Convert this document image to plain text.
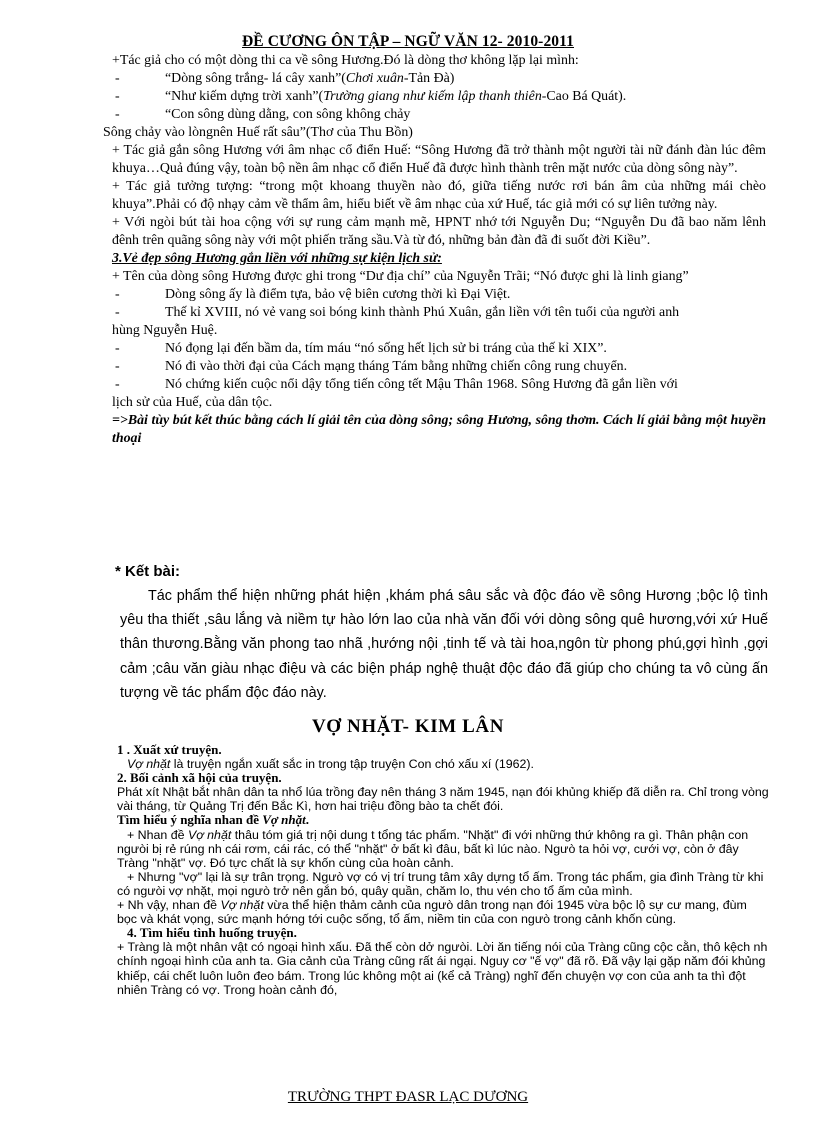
ĐỀ CƯƠNG ÔN TẬP – NGỮ VĂN 12- 2010-2011

+Tác giả cho có một dòng thi ca về sông Hương.Đó là dòng thơ không lặp lại mình:

-	“Dòng sông trắng- lá cây xanh”(Chơi xuân-Tản Đà)

-	“Như kiếm dựng trời xanh”(Trường giang như kiếm lập thanh thiên-Cao Bá Quát).

-	“Con sông dùng dằng, con sông không chảy

Sông chảy vào lòngnên Huế rất sâu”(Thơ của Thu Bồn)

+ Tác giả gắn sông Hương với âm nhạc cổ điển Huế: “Sông Hương đã trở thành một người tài nữ đánh đàn lúc đêm khuya…Quả đúng vậy, toàn bộ nền âm nhạc cổ điển Huế đã được hình thành trên mặt nước của dòng sông này”.

+ Tác giả tưởng tượng: “trong một khoang thuyền nào đó, giữa tiếng nước rơi bán âm của những mái chèo khuya”.Phải có độ nhạy cảm về thẩm âm, hiểu biết về âm nhạc của xứ Huế, tác giả mới có sự liên tưởng này.

+ Với ngòi bút tài hoa cộng với sự rung cảm mạnh mẽ, HPNT nhớ tới Nguyễn Du; “Nguyễn Du đã bao năm lênh đênh trên quãng sông này với một phiến trăng sầu.Và từ đó, những bản đàn đã đi suốt đời Kiều”.

3.Vẻ đẹp sông Hương gắn liền với những sự kiện lịch sử:

+ Tên của dòng sông Hương được ghi trong “Dư địa chí” của Nguyễn Trãi; “Nó được ghi là linh giang”

-	Dòng sông ấy là điểm tựa, bảo vệ biên cương thời kì Đại Việt.

-	Thế kỉ XVIII, nó vẻ vang soi bóng kinh thành Phú Xuân, gắn liền với tên tuổi của người anh

hùng Nguyễn Huệ.

-	Nó đọng lại đến bầm da, tím máu “nó sống hết lịch sử bi tráng của thế kỉ XIX”.

-	Nó đi vào thời đại của Cách mạng tháng Tám bằng những chiến công rung chuyển.

-	Nó chứng kiến cuộc nổi dậy tổng tiến công tết Mậu Thân 1968. Sông Hương đã gắn liền với

lịch sử của Huế, của dân tộc.

=>Bài tùy bút kết thúc bằng cách lí giải tên của dòng sông; sông Hương, sông thơm. Cách lí giải bằng một huyền thoại

* Kết bài:

Tác phẩm thể hiện những phát hiện ,khám phá sâu sắc và độc đáo về sông Hương ;bộc lộ tình yêu tha thiết ,sâu lắng và niềm tự hào lớn lao của nhà văn đối với dòng sông quê hương,với xứ Huế thân thương.Bằng văn phong tao nhã ,hướng nội ,tinh tế và tài hoa,ngôn từ phong phú,gợi hình ,gợi cảm ;câu văn giàu nhạc điệu và các biện pháp nghệ thuật độc đáo đã giúp cho chúng ta vô cùng ấn tượng về tác phẩm độc đáo này.

VỢ NHẶT- KIM LÂN

1 . Xuất xứ truyện.

Vợ nhặt là truyện ngắn xuất sắc in trong tập truyện Con chó xấu xí (1962).

2. Bối cảnh xã hội của truyện.

Phát xít Nhật bắt nhân dân ta nhổ lúa trồng đay nên tháng 3 năm 1945, nạn đói khủng khiếp đã diễn ra. Chỉ trong vòng vài tháng, từ Quảng Trị đến Bắc Kì, hơn hai triệu đồng bào ta chết đói.

Tìm hiểu ý nghĩa nhan đề Vợ nhặt.

+ Nhan đề Vợ nhặt thâu tóm giá trị nội dung t tổng tác phẩm. "Nhặt" đi với những thứ không ra gì. Thân phận con ngưòi bị rẻ rúng nh cái rơm, cái rác, có thể "nhặt" ở bất kì đâu, bất kì lúc nào. Ngưò ta hỏi vợ, cưới vợ, còn ở đây Tràng "nhặt" vợ. Đó tực chất là sự khốn cùng của hoàn cảnh.

+ Nhưng "vợ" lại là sự trân trọng. Ngưò vợ có vị trí trung tâm xây dựng tổ ấm. Trong tác phẩm, gia đình Tràng từ khi có ngưòi vợ nhặt, mọi ngưò trở nên gắn bó, quây quần, chăm lo, thu vén cho tổ ấm của mình.

+ Nh vậy, nhan đề Vợ nhặt vừa thể hiện thảm cảnh của ngưò dân trong nạn đói 1945 vừa bộc lộ sự cư mang, đùm bọc và khát vọng, sức mạnh hớng tới cuộc sống, tổ ấm, niềm tin của con ngưò trong cảnh khốn cùng.

4. Tìm hiểu tình huống truyện.

+ Tràng là một nhân vật có ngoại hình xấu. Đã thế còn dở ngưòi. Lời ăn tiếng nói của Tràng cũng cộc cằn, thô kệch nh chính ngoại hình của anh ta. Gia cảnh của Tràng cũng rất ái ngại. Nguy cơ "ế vợ" đã rõ. Đã vậy lại gặp năm đói khủng khiếp, cái chết luôn luôn đeo bám. Trong lúc không một ai (kể cả Tràng) nghĩ đến chuyện vợ con của anh ta thì đột nhiên Tràng có vợ. Trong hoàn cảnh đó,

TRƯỜNG THPT ĐASR LẠC DƯƠNG
